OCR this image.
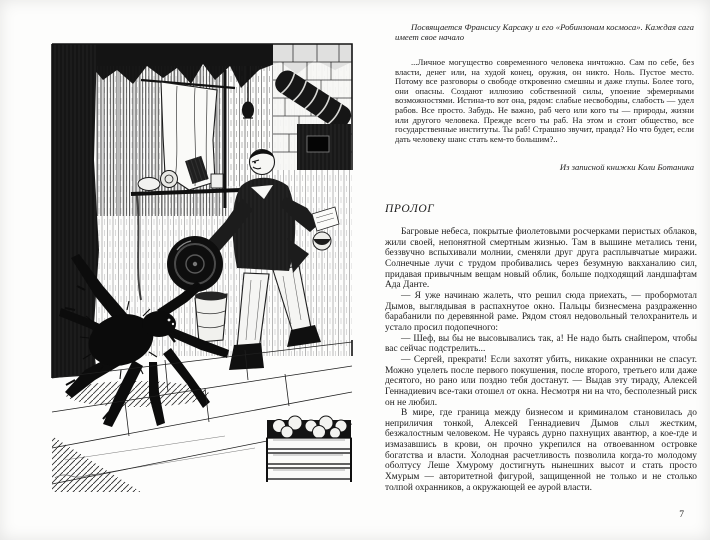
Посвящается Франсису Карсаку и его «Робинзонам космоса». Каждая сага имеет свое начало

...Личное могущество современного человека ничтожно. Сам по себе, без власти, денег или, на худой конец, оружия, он никто. Ноль. Пустое место. Потому все разговоры о свободе откровенно смешны и даже глупы. Более того, они опасны. Создают иллюзию собственной силы, упоение эфемерными возможностями. Истина-то вот она, рядом: слабые несвободны, слабость — удел рабов. Все просто. Забудь. Не важно, раб чего или кого ты — природы, жизни или другого человека. Прежде всего ты раб. На этом и стоит общество, все государственные институты. Ты раб! Страшно звучит, правда? Но что будет, если дать человеку шанс стать кем-то большим?..

Из записной книжки Коли Ботаника

ПРОЛОГ

Багровые небеса, покрытые фиолетовыми росчерками перистых облаков, жили своей, непонятной смертным жизнью. Там в вышине метались тени, беззвучно вспыхивали молнии, сменяли друг друга расплывчатые миражи. Солнечные лучи с трудом пробивались через безумную вакханалию сил, придавая привычным вещам новый облик, больше подходящий ландшафтам Ада Данте.

— Я уже начинаю жалеть, что решил сюда приехать, — пробормотал Дымов, выглядывая в распахнутое окно. Пальцы бизнесмена раздраженно барабанили по деревянной раме. Рядом стоял недовольный телохранитель и устало просил подопечного:

— Шеф, вы бы не высовывались так, а! Не надо быть снайпером, чтобы вас сейчас подстрелить...

— Сергей, прекрати! Если захотят убить, никакие охранники не спасут. Можно уцелеть после первого покушения, после второго, третьего или даже десятого, но рано или поздно тебя достанут. — Выдав эту тираду, Алексей Геннадиевич все-таки отошел от окна. Несмотря ни на что, бесполезный риск он не любил.

В мире, где граница между бизнесом и криминалом становилась до неприличия тонкой, Алексей Геннадиевич Дымов слыл жестким, безжалостным человеком. Не чураясь дурно пахнущих авантюр, а кое-где и измазавшись в крови, он прочно укрепился на отвоеванном островке богатства и власти. Холодная расчетливость позволила когда-то молодому оболтусу Леше Хмурому достигнуть нынешних высот и стать просто Хмурым — авторитетной фигурой, защищенной не только и не столько толпой охранников, а окружающей ее аурой власти.

7
